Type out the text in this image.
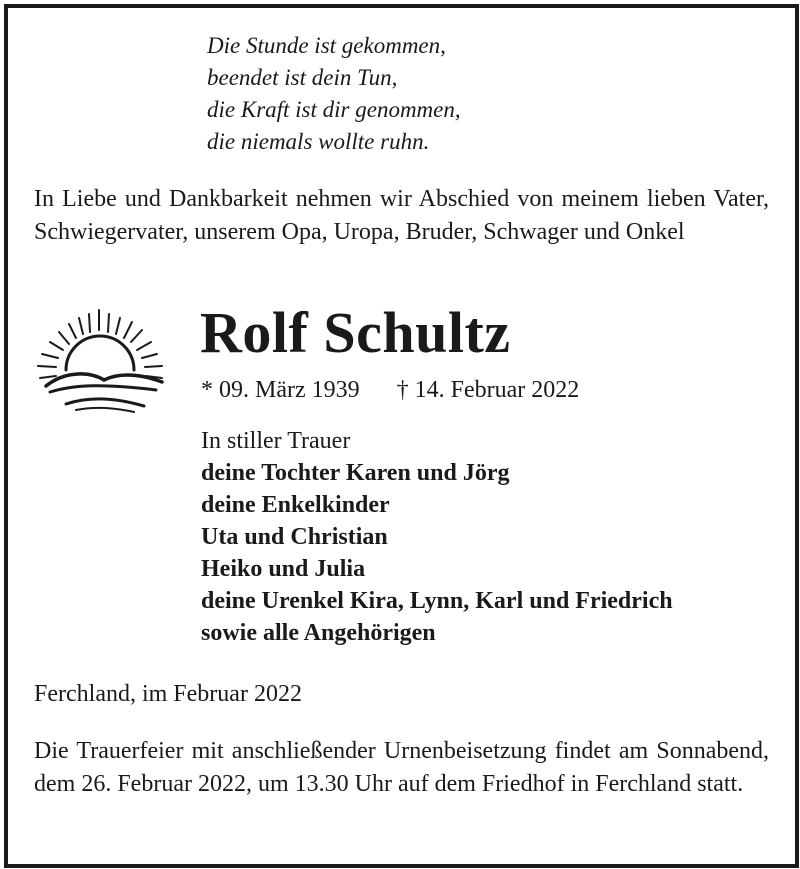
Die Stunde ist gekommen,
beendet ist dein Tun,
die Kraft ist dir genommen,
die niemals wollte ruhn.

In Liebe und Dankbarkeit nehmen wir Abschied von meinem lieben Vater, Schwiegervater, unserem Opa, Uropa, Bruder, Schwager und Onkel

Rolf Schultz
* 09. März 1939 † 14. Februar 2022
In stiller Trauer
deine Tochter Karen und Jörg
deine Enkelkinder
Uta und Christian
Heiko und Julia
deine Urenkel Kira, Lynn, Karl und Friedrich
sowie alle Angehörigen
Ferchland, im Februar 2022

Die Trauerfeier mit anschließender Urnenbeisetzung findet am Sonnabend, dem 26. Februar 2022, um 13.30 Uhr auf dem Friedhof in Ferchland statt.
